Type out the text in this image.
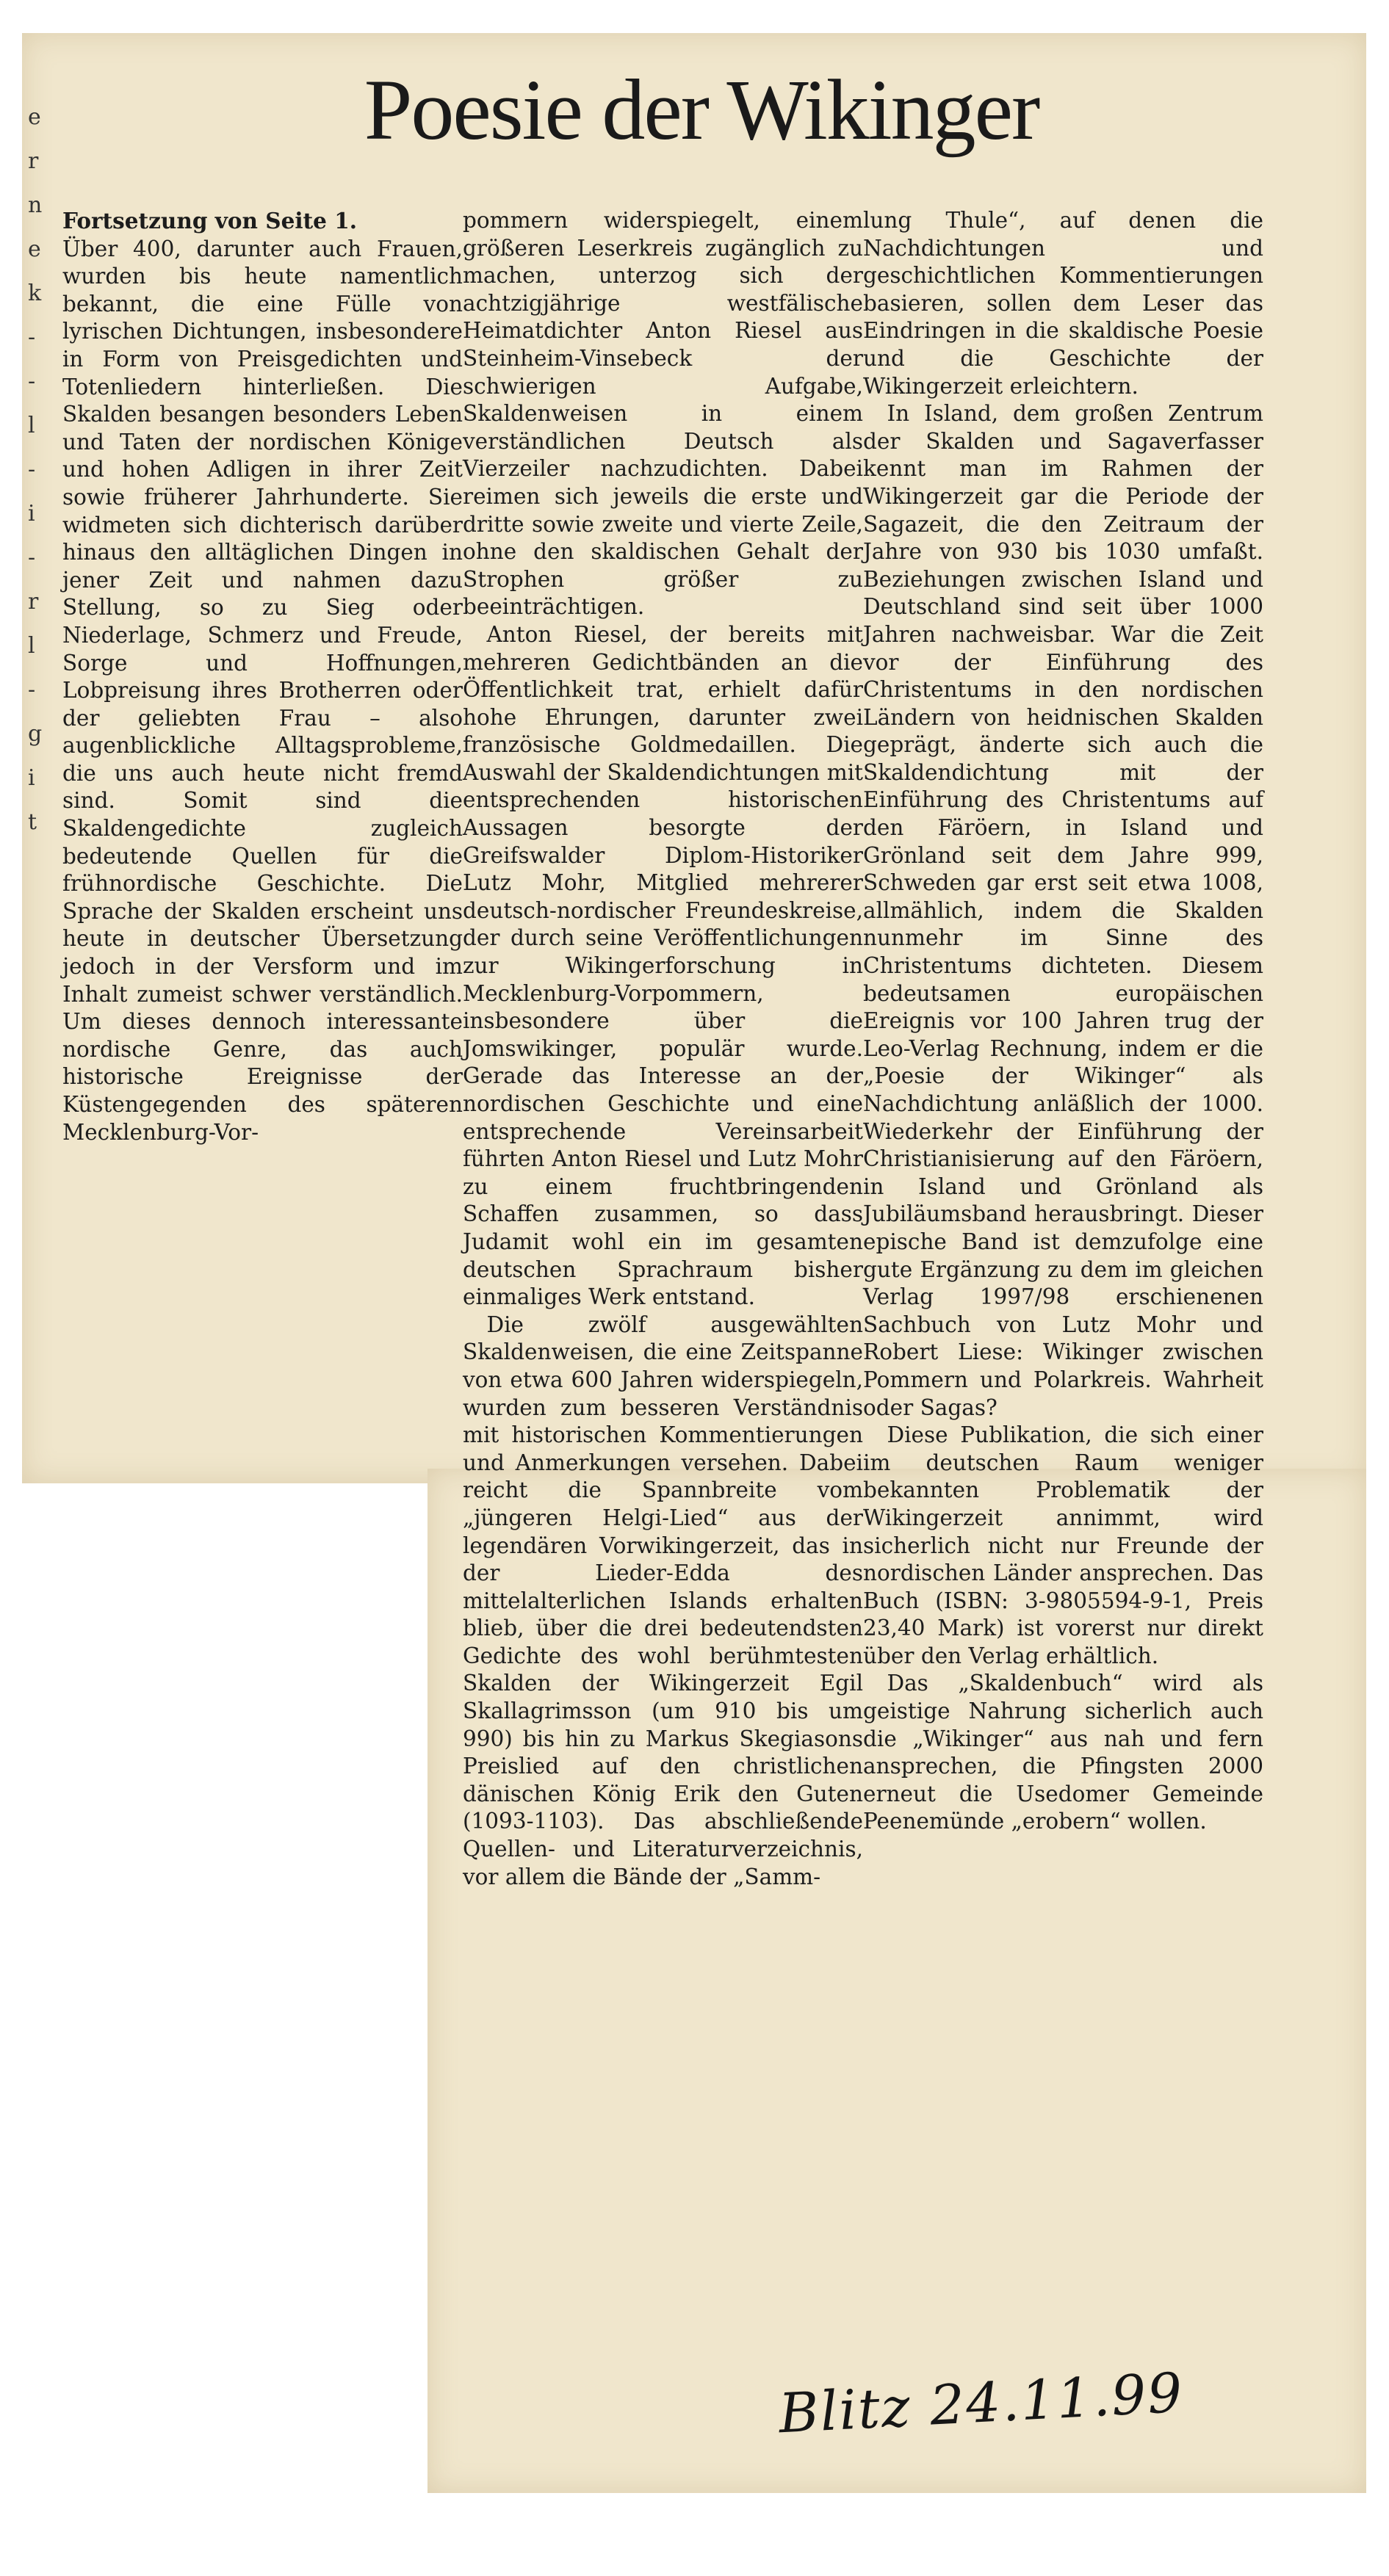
e
r
n
e
k
-
-
l
-
i
-
r
l
-
g
i
t
Poesie der Wikinger

Fortsetzung von Seite 1.
Über 400, darunter auch Frauen, wurden bis heute namentlich bekannt, die eine Fülle von lyrischen Dichtungen, insbesondere in Form von Preisgedichten und Totenliedern hinterließen. Die Skalden besangen besonders Leben und Taten der nordischen Könige und hohen Adligen in ihrer Zeit sowie früherer Jahrhunderte. Sie widmeten sich dichterisch darüber hinaus den alltäglichen Dingen in jener Zeit und nahmen dazu Stellung, so zu Sieg oder Niederlage, Schmerz und Freude, Sorge und Hoffnungen, Lobpreisung ihres Brotherren oder der geliebten Frau – also augenblickliche Alltagsprobleme, die uns auch heute nicht fremd sind. Somit sind die Skaldengedichte zugleich bedeutende Quellen für die frühnordische Geschichte. Die Sprache der Skalden erscheint uns heute in deutscher Übersetzung jedoch in der Versform und im Inhalt zumeist schwer verständlich. Um dieses dennoch interessante nordische Genre, das auch historische Ereignisse der Küstengegenden des späteren Mecklenburg-Vor-

pommern widerspiegelt, einem größeren Leserkreis zugänglich zu machen, unterzog sich der achtzigjährige westfälische Heimatdichter Anton Riesel aus Steinheim-Vinsebeck der schwierigen Aufgabe, Skaldenweisen in einem verständlichen Deutsch als Vierzeiler nachzudichten. Dabei reimen sich jeweils die erste und dritte sowie zweite und vierte Zeile, ohne den skaldischen Gehalt der Strophen größer zu beeinträchtigen.

Anton Riesel, der bereits mit mehreren Gedichtbänden an die Öffentlichkeit trat, erhielt dafür hohe Ehrungen, darunter zwei französische Goldmedaillen. Die Auswahl der Skaldendichtungen mit entsprechenden historischen Aussagen besorgte der Greifswalder Diplom-Historiker Lutz Mohr, Mitglied mehrerer deutsch-nordischer Freundeskreise, der durch seine Veröffentlichungen zur Wikingerforschung in Mecklenburg-Vorpommern, insbesondere über die Jomswikinger, populär wurde. Gerade das Interesse an der nordischen Geschichte und eine entsprechende Vereinsarbeit führten Anton Riesel und Lutz Mohr zu einem fruchtbringenden Schaffen zusammen, so dass Judamit wohl ein im gesamten deutschen Sprachraum bisher einmaliges Werk entstand.

Die zwölf ausgewählten Skaldenweisen, die eine Zeitspanne von etwa 600 Jahren widerspiegeln, wurden zum besseren Verständnis mit historischen Kommentierungen und Anmerkungen versehen. Dabei reicht die Spannbreite vom „jüngeren Helgi-Lied“ aus der legendären Vorwikingerzeit, das in der Lieder-Edda des mittelalterlichen Islands erhalten blieb, über die drei bedeutendsten Gedichte des wohl berühmtesten Skalden der Wikingerzeit Egil Skallagrimsson (um 910 bis um 990) bis hin zu Markus Skegiasons Preislied auf den christlichen dänischen König Erik den Guten (1093-1103). Das abschließende Quellen- und Literaturverzeichnis, vor allem die Bände der „Samm-

lung Thule“, auf denen die Nachdichtungen und geschichtlichen Kommentierungen basieren, sollen dem Leser das Eindringen in die skaldische Poesie und die Geschichte der Wikingerzeit erleichtern.

In Island, dem großen Zentrum der Skalden und Sagaverfasser kennt man im Rahmen der Wikingerzeit gar die Periode der Sagazeit, die den Zeitraum der Jahre von 930 bis 1030 umfaßt. Beziehungen zwischen Island und Deutschland sind seit über 1000 Jahren nachweisbar. War die Zeit vor der Einführung des Christentums in den nordischen Ländern von heidnischen Skalden geprägt, änderte sich auch die Skaldendichtung mit der Einführung des Christentums auf den Färöern, in Island und Grönland seit dem Jahre 999, Schweden gar erst seit etwa 1008, allmählich, indem die Skalden nunmehr im Sinne des Christentums dichteten. Diesem bedeutsamen europäischen Ereignis vor 100 Jahren trug der Leo-Verlag Rechnung, indem er die „Poesie der Wikinger“ als Nachdichtung anläßlich der 1000. Wiederkehr der Einführung der Christianisierung auf den Färöern, in Island und Grönland als Jubiläumsband herausbringt. Dieser epische Band ist demzufolge eine gute Ergänzung zu dem im gleichen Verlag 1997/98 erschienenen Sachbuch von Lutz Mohr und Robert Liese: Wikinger zwischen Pommern und Polarkreis. Wahrheit oder Sagas?

Diese Publikation, die sich einer im deutschen Raum weniger bekannten Problematik der Wikingerzeit annimmt, wird sicherlich nicht nur Freunde der nordischen Länder ansprechen. Das Buch (ISBN: 3-9805594-9-1, Preis 23,40 Mark) ist vorerst nur direkt über den Verlag erhältlich.

Das „Skaldenbuch“ wird als geistige Nahrung sicherlich auch die „Wikinger“ aus nah und fern ansprechen, die Pfingsten 2000 erneut die Usedomer Gemeinde Peenemünde „erobern“ wollen.

Blitz 24.11.99
